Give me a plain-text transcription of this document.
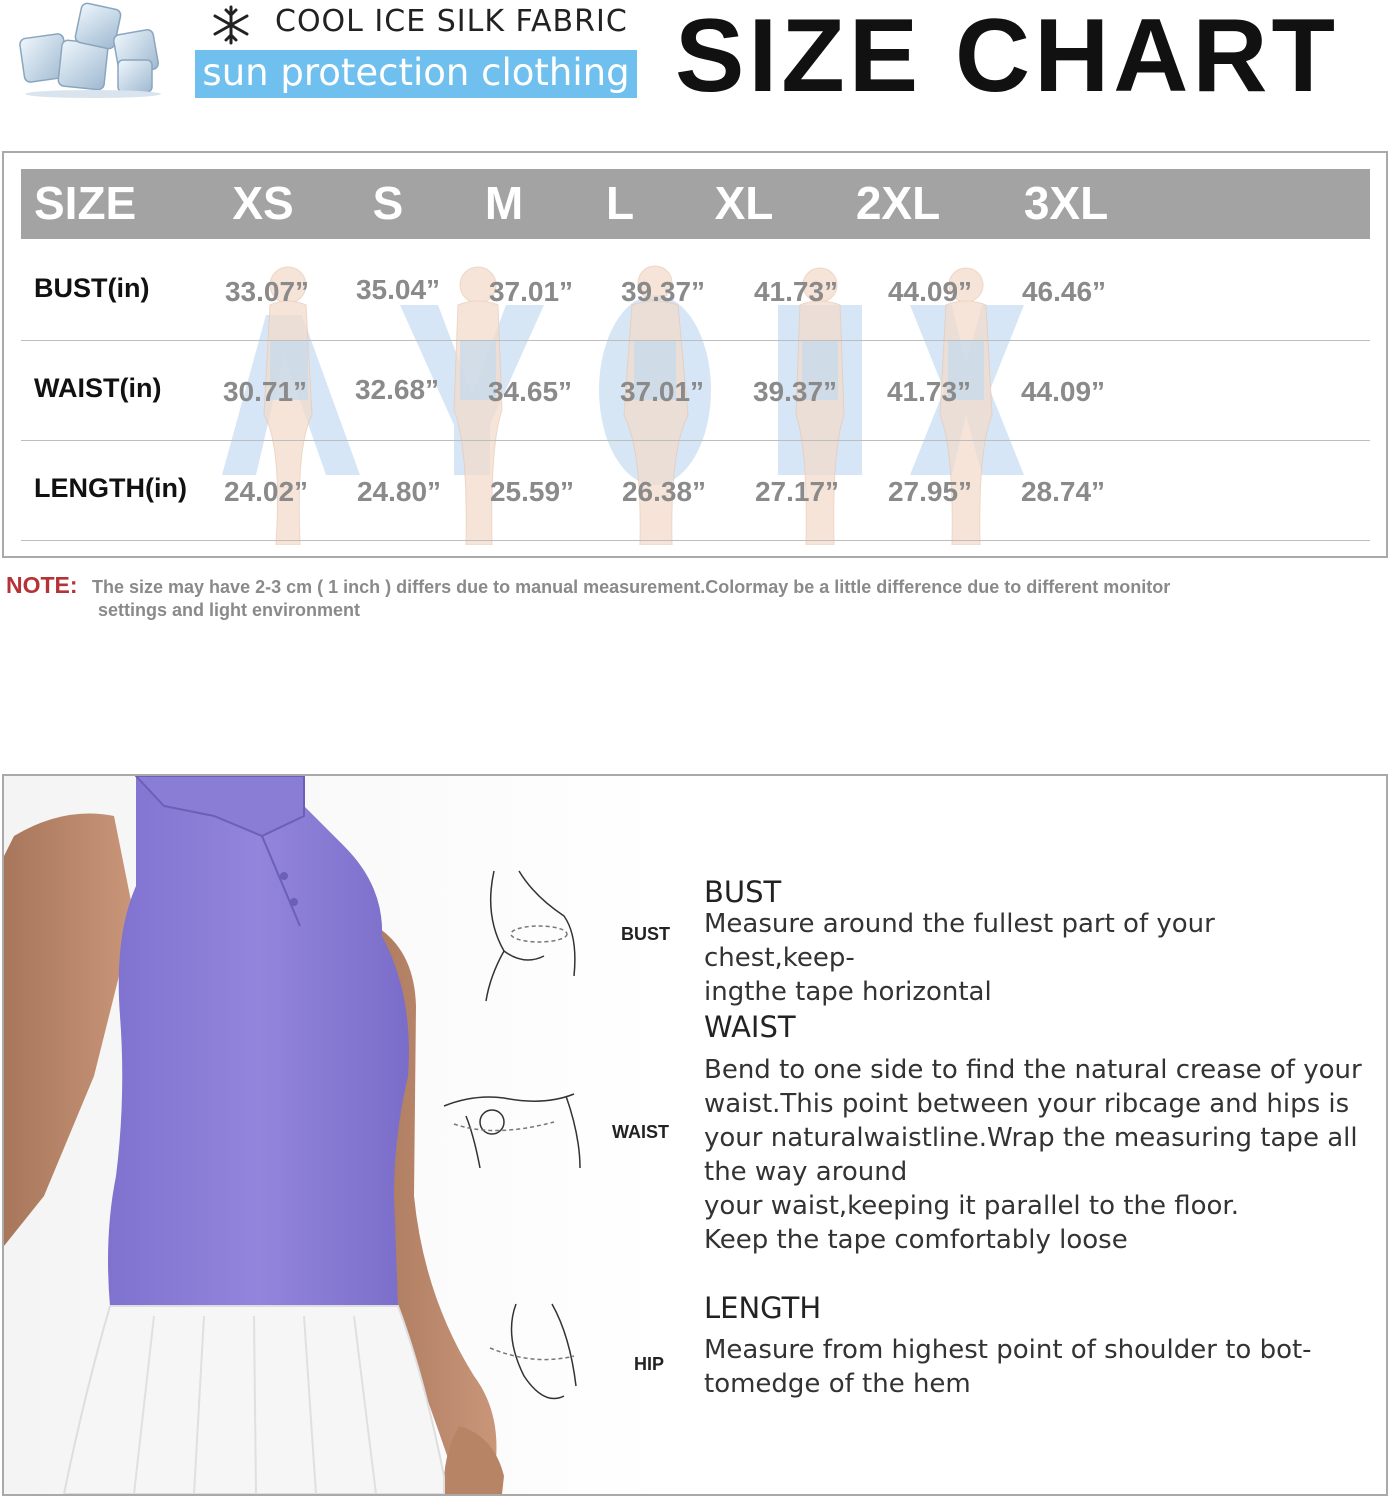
COOL ICE SILK FABRIC
sun protection clothing SIZE CHART
SIZE	XS	S	M	L	XL	2XL	3XL
BUST(in)	33.07”	35.04”	37.01”	39.37”	41.73”	44.09”	46.46”
WAIST(in)	30.71”	32.68”	34.65”	37.01”	39.37”	41.73”	44.09”
LENGTH(in)	24.02”	24.80”	25.59”	26.38”	27.17”	27.95”	28.74”
NOTE: The size may have 2-3 cm ( 1 inch ) differs due to manual measurement.Colormay be a little difference due to different monitor
settings and light environment
BUST
WAIST
HIP
BUST
Measure around the fullest part of your chest,keep-
ingthe tape horizontal
WAIST
Bend to one side to find the natural crease of your
waist.This point between your ribcage and hips is
your naturalwaistline.Wrap the measuring tape all
the way around
your waist,keeping it parallel to the floor.
Keep the tape comfortably loose
LENGTH
Measure from highest point of shoulder to bot-
tomedge of the hem
